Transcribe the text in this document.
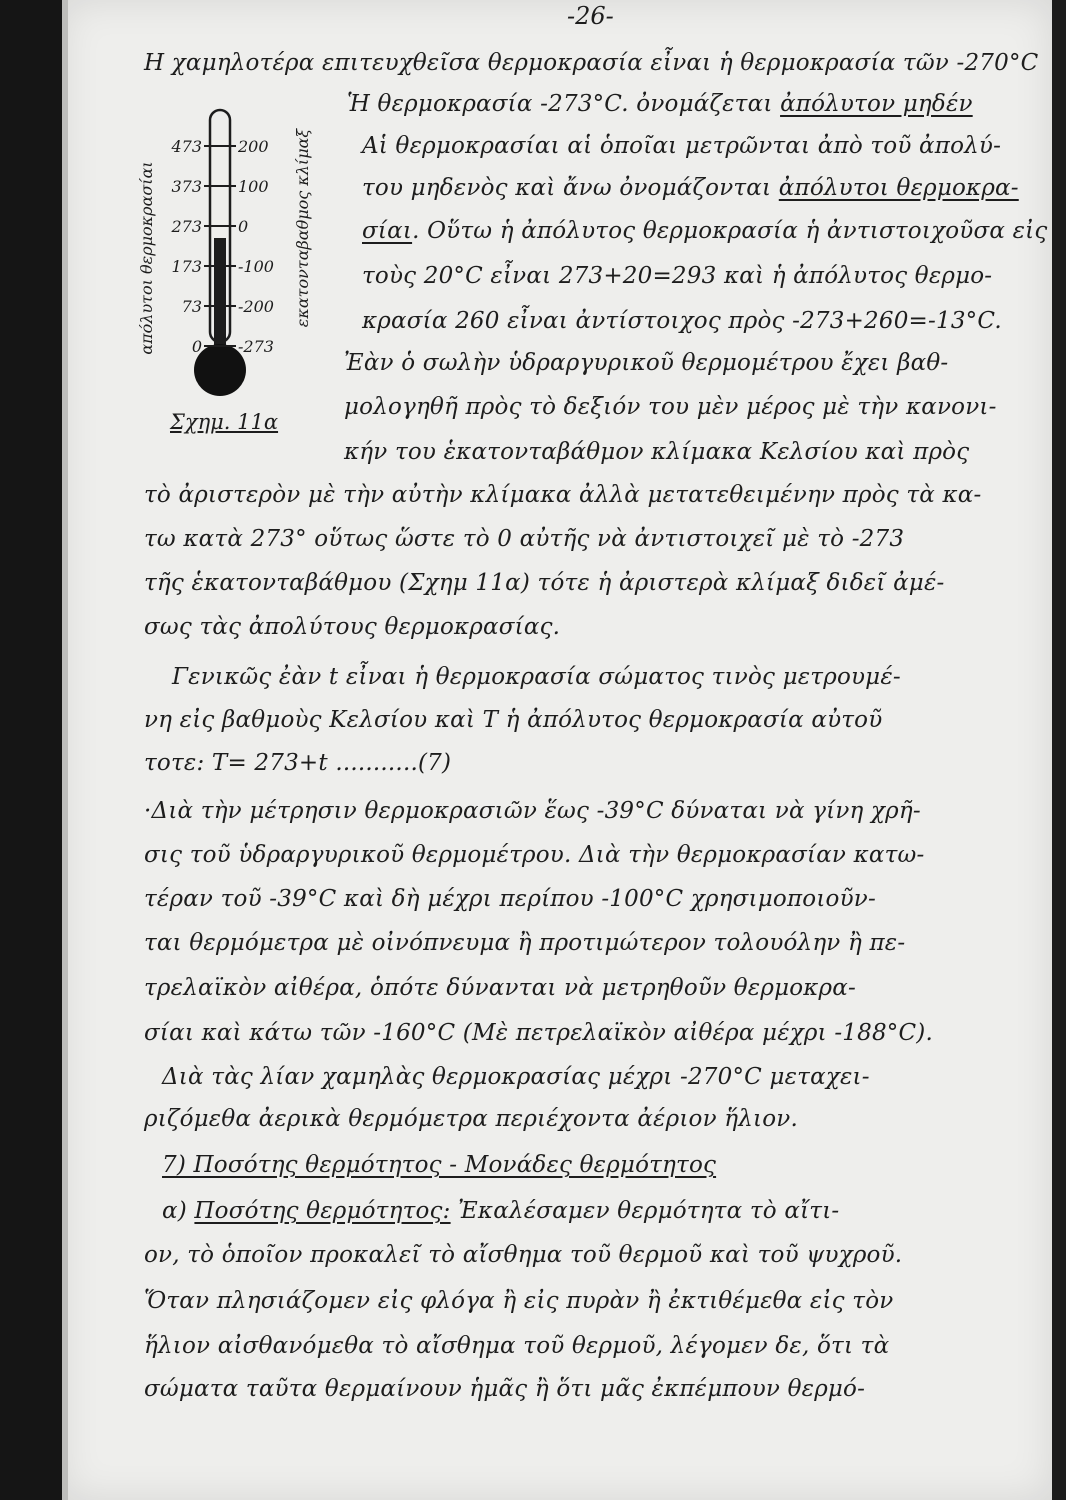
-26-
απόλυτοι θερμοκρασίαι	εκατονταβαθμος κλίμαξ
473 200
373 100
273 0
173 -100
73 -200
0 -273
Σχημ. 11α

Η χαμηλοτέρα επιτευχθεῖσα θερμοκρασία εἶναι ἡ θερμοκρασία τῶν -270°C

Ἡ θερμοκρασία -273°C. ὀνομάζεται ἀπόλυτον μηδέν

Αἱ θερμοκρασίαι αἱ ὁποῖαι μετρῶνται ἀπὸ τοῦ ἀπολύ-

του μηδενὸς καὶ ἄνω ὀνομάζονται ἀπόλυτοι θερμοκρα-

σίαι. Οὕτω ἡ ἀπόλυτος θερμοκρασία ἡ ἀντιστοιχοῦσα εἰς

τοὺς 20°C εἶναι 273+20=293 καὶ ἡ ἀπόλυτος θερμο-

κρασία 260 εἶναι ἀντίστοιχος πρὸς -273+260=-13°C.

Ἐὰν ὁ σωλὴν ὑδραργυρικοῦ θερμομέτρου ἔχει βαθ-

μολογηθῆ πρὸς τὸ δεξιόν του μὲν μέρος μὲ τὴν κανονι-

κήν του ἑκατονταβάθμον κλίμακα Κελσίου καὶ πρὸς

τὸ ἀριστερὸν μὲ τὴν αὐτὴν κλίμακα ἀλλὰ μετατεθειμένην πρὸς τὰ κα-

τω κατὰ 273° οὕτως ὥστε τὸ 0 αὐτῆς νὰ ἀντιστοιχεῖ μὲ τὸ -273

τῆς ἑκατονταβάθμου (Σχημ 11α) τότε ἡ ἀριστερὰ κλίμαξ διδεῖ ἀμέ-

σως τὰς ἀπολύτους θερμοκρασίας.

Γενικῶς ἐὰν t εἶναι ἡ θερμοκρασία σώματος τινὸς μετρουμέ-

νη εἰς βαθμοὺς Κελσίου καὶ T ἡ ἀπόλυτος θερμοκρασία αὐτοῦ

τοτε: T= 273+t ...........(7)

·Διὰ τὴν μέτρησιν θερμοκρασιῶν ἕως -39°C δύναται νὰ γίνη χρῆ-

σις τοῦ ὑδραργυρικοῦ θερμομέτρου. Διὰ τὴν θερμοκρασίαν κατω-

τέραν τοῦ -39°C καὶ δὴ μέχρι περίπου -100°C χρησιμοποιοῦν-

ται θερμόμετρα μὲ οἰνόπνευμα ἢ προτιμώτερον τολουόλην ἢ πε-

τρελαϊκὸν αἰθέρα, ὁπότε δύνανται νὰ μετρηθοῦν θερμοκρα-

σίαι καὶ κάτω τῶν -160°C (Μὲ πετρελαϊκὸν αἰθέρα μέχρι -188°C).

Διὰ τὰς λίαν χαμηλὰς θερμοκρασίας μέχρι -270°C μεταχει-

ριζόμεθα ἀερικὰ θερμόμετρα περιέχοντα ἀέριον ἥλιον.

7) Ποσότης θερμότητος - Μονάδες θερμότητος

α) Ποσότης θερμότητος: Ἐκαλέσαμεν θερμότητα τὸ αἴτι-

ον, τὸ ὁποῖον προκαλεῖ τὸ αἴσθημα τοῦ θερμοῦ καὶ τοῦ ψυχροῦ.

Ὅταν πλησιάζομεν εἰς φλόγα ἢ εἰς πυρὰν ἢ ἐκτιθέμεθα εἰς τὸν

ἥλιον αἰσθανόμεθα τὸ αἴσθημα τοῦ θερμοῦ, λέγομεν δε, ὅτι τὰ

σώματα ταῦτα θερμαίνουν ἡμᾶς ἢ ὅτι μᾶς ἐκπέμπουν θερμό-
